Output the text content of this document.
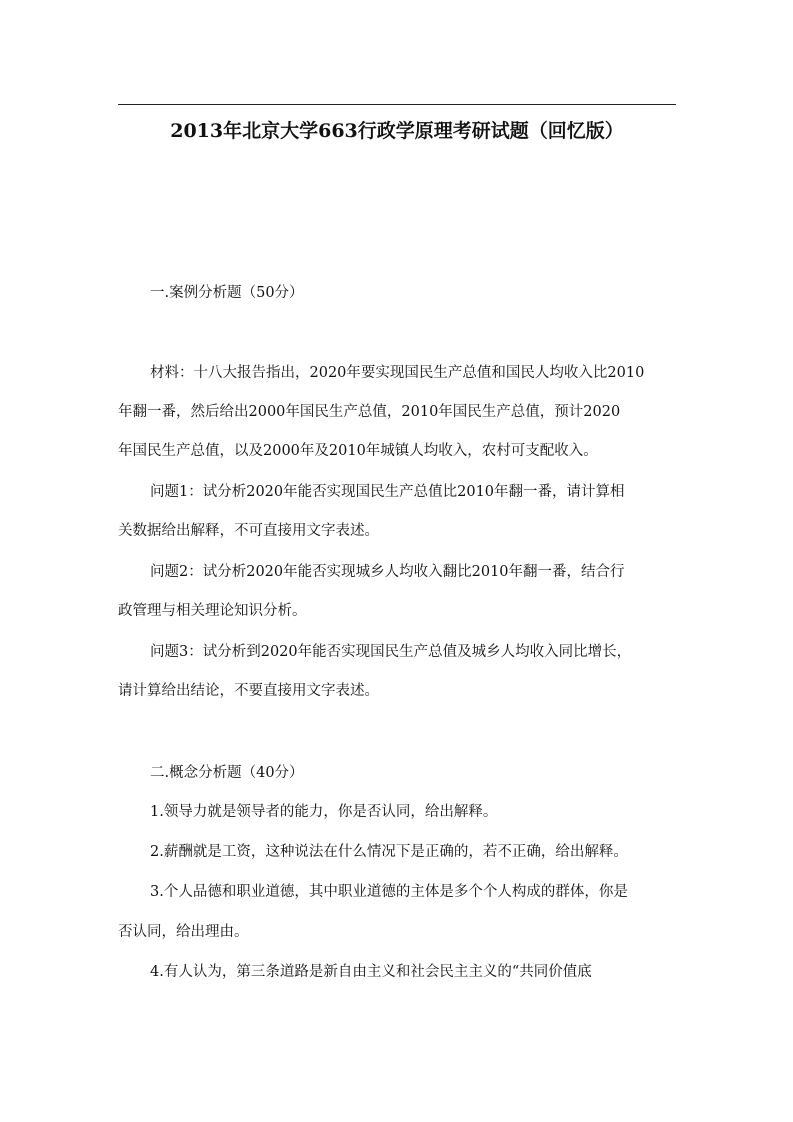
2013年北京大学663行政学原理考研试题（回忆版）
一.案例分析题（50分）
材料：十八大报告指出，2020年要实现国民生产总值和国民人均收入比2010
年翻一番，然后给出2000年国民生产总值，2010年国民生产总值，预计2020
年国民生产总值，以及2000年及2010年城镇人均收入，农村可支配收入。
问题1：试分析2020年能否实现国民生产总值比2010年翻一番，请计算相
关数据给出解释，不可直接用文字表述。
问题2：试分析2020年能否实现城乡人均收入翻比2010年翻一番，结合行
政管理与相关理论知识分析。
问题3：试分析到2020年能否实现国民生产总值及城乡人均收入同比增长，
请计算给出结论，不要直接用文字表述。
二.概念分析题（40分）
1.领导力就是领导者的能力，你是否认同，给出解释。
2.薪酬就是工资，这种说法在什么情况下是正确的，若不正确，给出解释。
3.个人品德和职业道德，其中职业道德的主体是多个个人构成的群体，你是
否认同，给出理由。
4.有人认为，第三条道路是新自由主义和社会民主主义的“共同价值底
